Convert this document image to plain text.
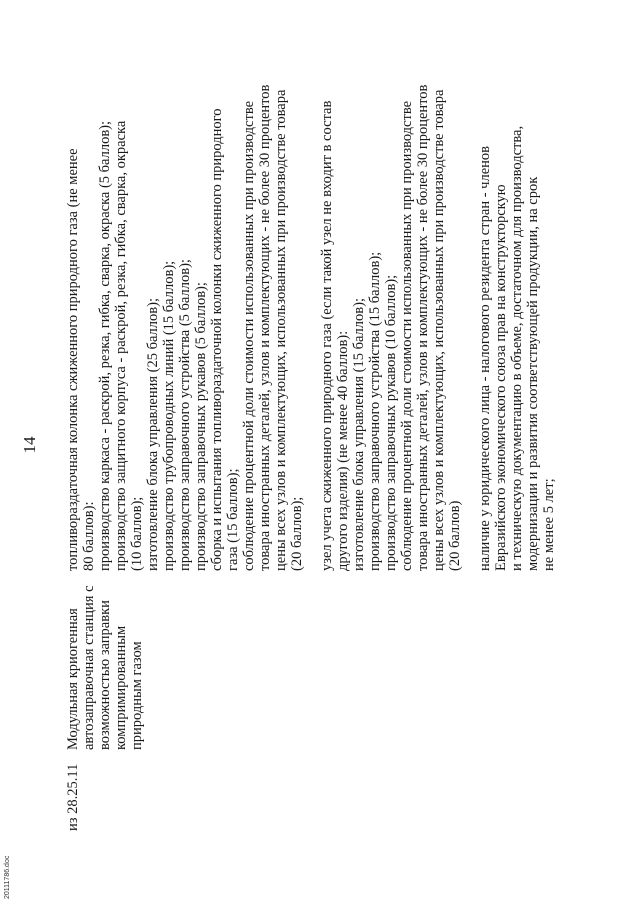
14
из 28.25.11
Модульная криогенная автозаправочная станция с возможностью заправки компримированным природным газом
топливораздаточная колонка сжиженного природного газа (не менее 80 баллов): производство каркаса - раскрой, резка, гибка, сварка, окраска (5 баллов); производство защитного корпуса - раскрой, резка, гибка, сварка, окраска (10 баллов); изготовление блока управления (25 баллов); производство трубопроводных линий (15 баллов); производство заправочного устройства (5 баллов); производство заправочных рукавов (5 баллов); сборка и испытания топливораздаточной колонки сжиженного природного газа (15 баллов); соблюдение процентной доли стоимости использованных при производстве товара иностранных деталей, узлов и комплектующих - не более 30 процентов цены всех узлов и комплектующих, использованных при производстве товара (20 баллов); узел учета сжиженного природного газа (если такой узел не входит в состав другого изделия) (не менее 40 баллов): изготовление блока управления (15 баллов); производство заправочного устройства (15 баллов); производство заправочных рукавов (10 баллов); соблюдение процентной доли стоимости использованных при производстве товара иностранных деталей, узлов и комплектующих - не более 30 процентов цены всех узлов и комплектующих, использованных при производстве товара (20 баллов) наличие у юридического лица - налогового резидента стран - членов Евразийского экономического союза прав на конструкторскую и техническую документацию в объеме, достаточном для производства, модернизации и развития соответствующей продукции, на срок не менее 5 лет;
20111786.doc
